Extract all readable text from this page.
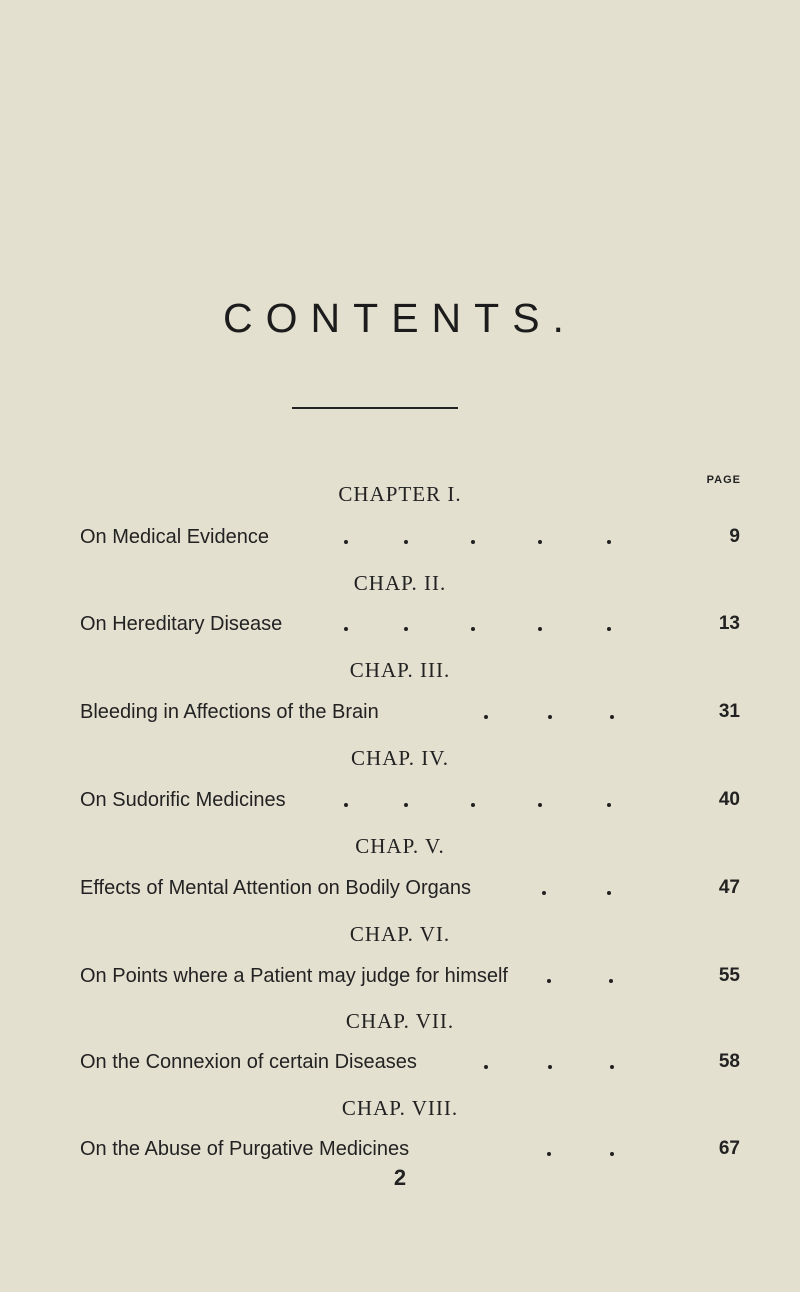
CONTENTS.
PAGE
CHAPTER I.
On Medical Evidence	9
CHAP. II.
On Hereditary Disease	13
CHAP. III.
Bleeding in Affections of the Brain	31
CHAP. IV.
On Sudorific Medicines	40
CHAP. V.
Effects of Mental Attention on Bodily Organs	47
CHAP. VI.
On Points where a Patient may judge for himself	55
CHAP. VII.
On the Connexion of certain Diseases	58
CHAP. VIII.
On the Abuse of Purgative Medicines	67
2
